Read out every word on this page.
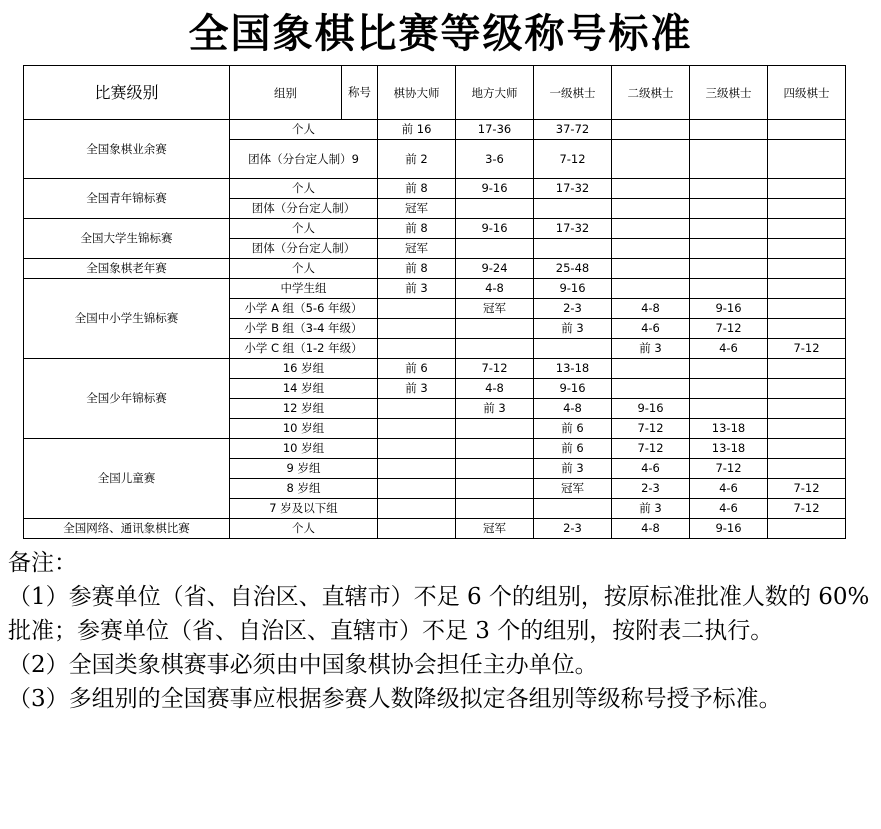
全国象棋比赛等级称号标准
比赛级别	组别	称号	棋协大师	地方大师	一级棋士	二级棋士	三级棋士	四级棋士
全国象棋业余赛	个人		前 16	17-36	37-72			
	团体（分台定人制）9		前 2	3-6	7-12			
全国青年锦标赛	个人		前 8	9-16	17-32			
	团体（分台定人制）		冠军					
全国大学生锦标赛	个人		前 8	9-16	17-32			
	团体（分台定人制）		冠军					
全国象棋老年赛	个人		前 8	9-24	25-48			
全国中小学生锦标赛	中学生组		前 3	4-8	9-16			
	小学 A 组（5-6 年级）			冠军	2-3	4-8	9-16	
	小学 B 组（3-4 年级）				前 3	4-6	7-12	
	小学 C 组（1-2 年级）					前 3	4-6	7-12
全国少年锦标赛	16 岁组		前 6	7-12	13-18			
	14 岁组		前 3	4-8	9-16			
	12 岁组			前 3	4-8	9-16		
	10 岁组				前 6	7-12	13-18	
全国儿童赛	10 岁组				前 6	7-12	13-18	
	9 岁组				前 3	4-6	7-12	
	8 岁组				冠军	2-3	4-6	7-12
	7 岁及以下组					前 3	4-6	7-12
全国网络、通讯象棋比赛	个人			冠军	2-3	4-8	9-16	

备注：

（1）参赛单位（省、自治区、直辖市）不足 6 个的组别，按原标准批准人数的 60%批准；参赛单位（省、自治区、直辖市）不足 3 个的组别，按附表二执行。

（2）全国类象棋赛事必须由中国象棋协会担任主办单位。

（3）多组别的全国赛事应根据参赛人数降级拟定各组别等级称号授予标准。
